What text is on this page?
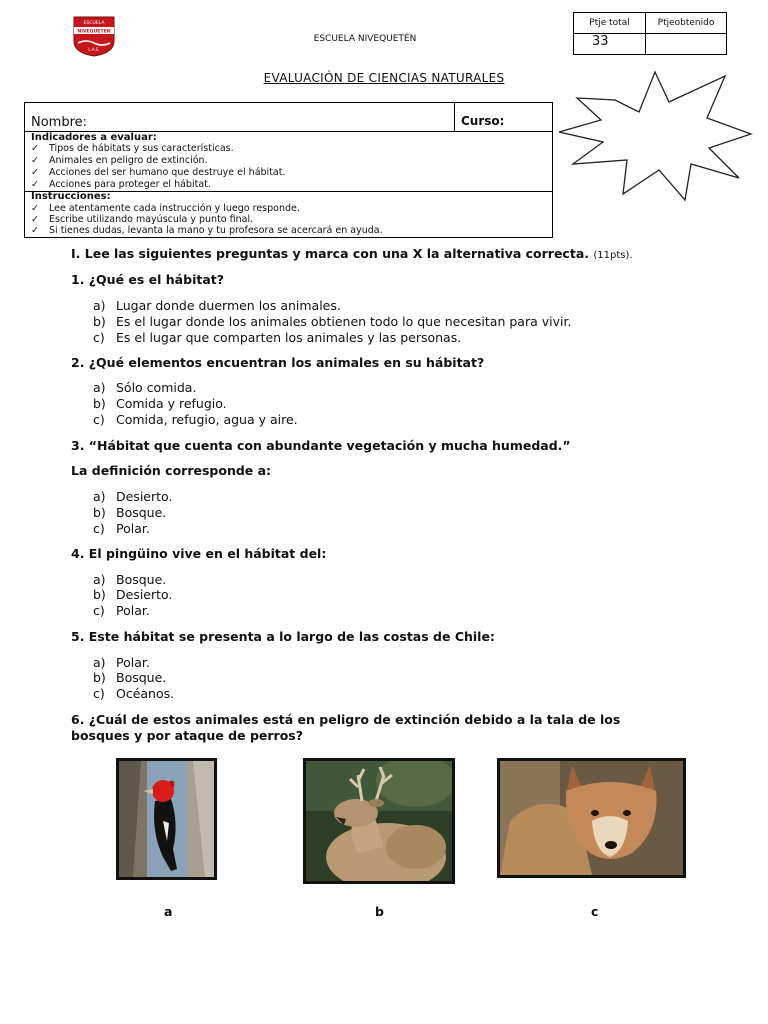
ESCUELA
NIVEQUETEN
L.A.S.
ESCUELA NIVEQUETÉN
Ptje total	Ptjeobtenido
33
EVALUACIÓN DE CIENCIAS NATURALES
Nombre:	Curso:
Indicadores a evaluar:
✓ Tipos de hábitats y sus características.
✓ Animales en peligro de extinción.
✓ Acciones del ser humano que destruye el hábitat.
✓ Acciones para proteger el hábitat.
Instrucciones:
✓ Lee atentamente cada instrucción y luego responde.
✓ Escribe utilizando mayúscula y punto final.
✓ Si tienes dudas, levanta la mano y tu profesora se acercará en ayuda.
I. Lee las siguientes preguntas y marca con una X la alternativa correcta. (11pts).
1. ¿Qué es el hábitat?
a) Lugar donde duermen los animales.
b) Es el lugar donde los animales obtienen todo lo que necesitan para vivir.
c) Es el lugar que comparten los animales y las personas.
2. ¿Qué elementos encuentran los animales en su hábitat?
a) Sólo comida.
b) Comida y refugio.
c) Comida, refugio, agua y aire.
3. “Hábitat que cuenta con abundante vegetación y mucha humedad.”
La definición corresponde a:
a) Desierto.
b) Bosque.
c) Polar.
4. El pingüino vive en el hábitat del:
a) Bosque.
b) Desierto.
c) Polar.
5. Este hábitat se presenta a lo largo de las costas de Chile:
a) Polar.
b) Bosque.
c) Océanos.
6. ¿Cuál de estos animales está en peligro de extinción debido a la tala de los
bosques y por ataque de perros?
a	b	c
